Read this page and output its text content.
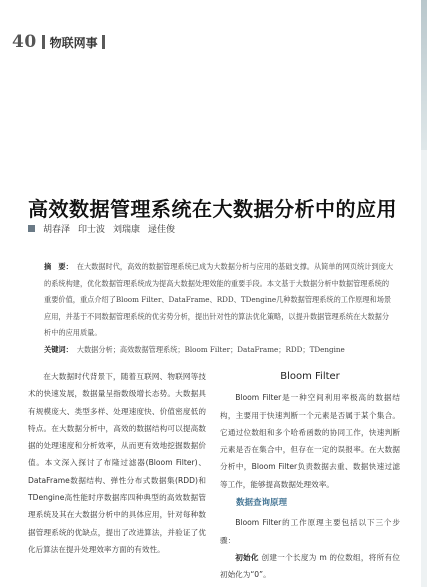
40 物联网事
高效数据管理系统在大数据分析中的应用
胡春泽 印士波 刘瑞康 逯佳俊
摘　要： 在大数据时代，高效的数据管理系统已成为大数据分析与应用的基础支撑。从简单的网页统计到庞大的系统构建，优化数据管理系统成为提高大数据处理效能的重要手段。本文基于大数据分析中数据管理系统的重要价值，重点介绍了Bloom Filter、DataFrame、RDD、TDengine几种数据管理系统的工作原理和场景应用，并基于不同数据管理系统的优劣势分析，提出针对性的算法优化策略，以提升数据管理系统在大数据分析中的应用质量。
关键词： 大数据分析；高效数据管理系统；Bloom Filter；DataFrame；RDD；TDengine

在大数据时代背景下，随着互联网、物联网等技术的快速发展，数据量呈指数级增长态势。大数据具有规模庞大、类型多样、处理速度快、价值密度低的特点。在大数据分析中，高效的数据结构可以提高数据的处理速度和分析效率，从而更有效地挖掘数据价值。本文深入探讨了布隆过滤器(Bloom Filter)、DataFrame数据结构、弹性分布式数据集(RDD)和TDengine高性能时序数据库四种典型的高效数据管理系统及其在大数据分析中的具体应用，针对每种数据管理系统的优缺点，提出了改进算法，并验证了优化后算法在提升处理效率方面的有效性。

Bloom Filter

Bloom Filter是一种空间利用率极高的数据结构，主要用于快速判断一个元素是否属于某个集合。它通过位数组和多个哈希函数的协同工作，快速判断元素是否在集合中，但存在一定的误报率。在大数据分析中，Bloom Filter负责数据去重、数据快速过滤等工作，能够提高数据处理效率。

数据查询原理

Bloom Filter的工作原理主要包括以下三个步骤：

初始化 创建一个长度为 m 的位数组，将所有位初始化为“0”。
